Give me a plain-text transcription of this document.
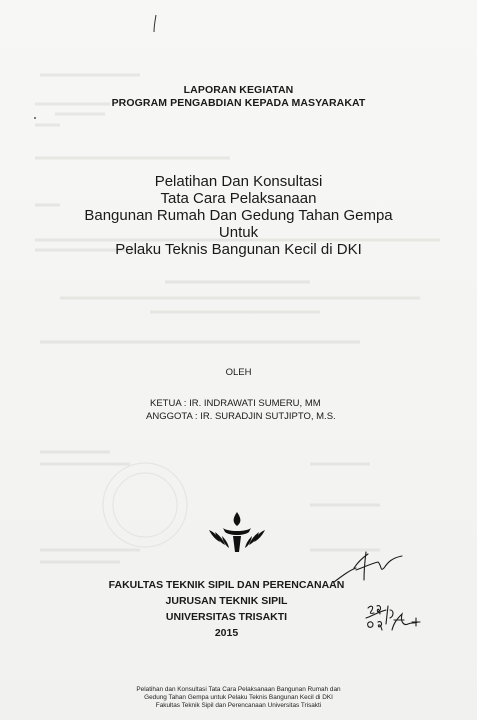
LAPORAN KEGIATAN
PROGRAM PENGABDIAN KEPADA MASYARAKAT
Pelatihan Dan Konsultasi
Tata Cara Pelaksanaan
Bangunan Rumah Dan Gedung Tahan Gempa
Untuk
Pelaku Teknis Bangunan Kecil di DKI
OLEH
KETUA : IR. INDRAWATI SUMERU, MM
ANGGOTA : IR. SURADJIN SUTJIPTO, M.S.
FAKULTAS TEKNIK SIPIL DAN PERENCANAAN
JURUSAN TEKNIK SIPIL
UNIVERSITAS TRISAKTI
2015
Pelatihan dan Konsultasi Tata Cara Pelaksanaan Bangunan Rumah dan
Gedung Tahan Gempa untuk Pelaku Teknis Bangunan Kecil di DKI
Fakultas Teknik Sipil dan Perencanaan Universitas Trisakti
